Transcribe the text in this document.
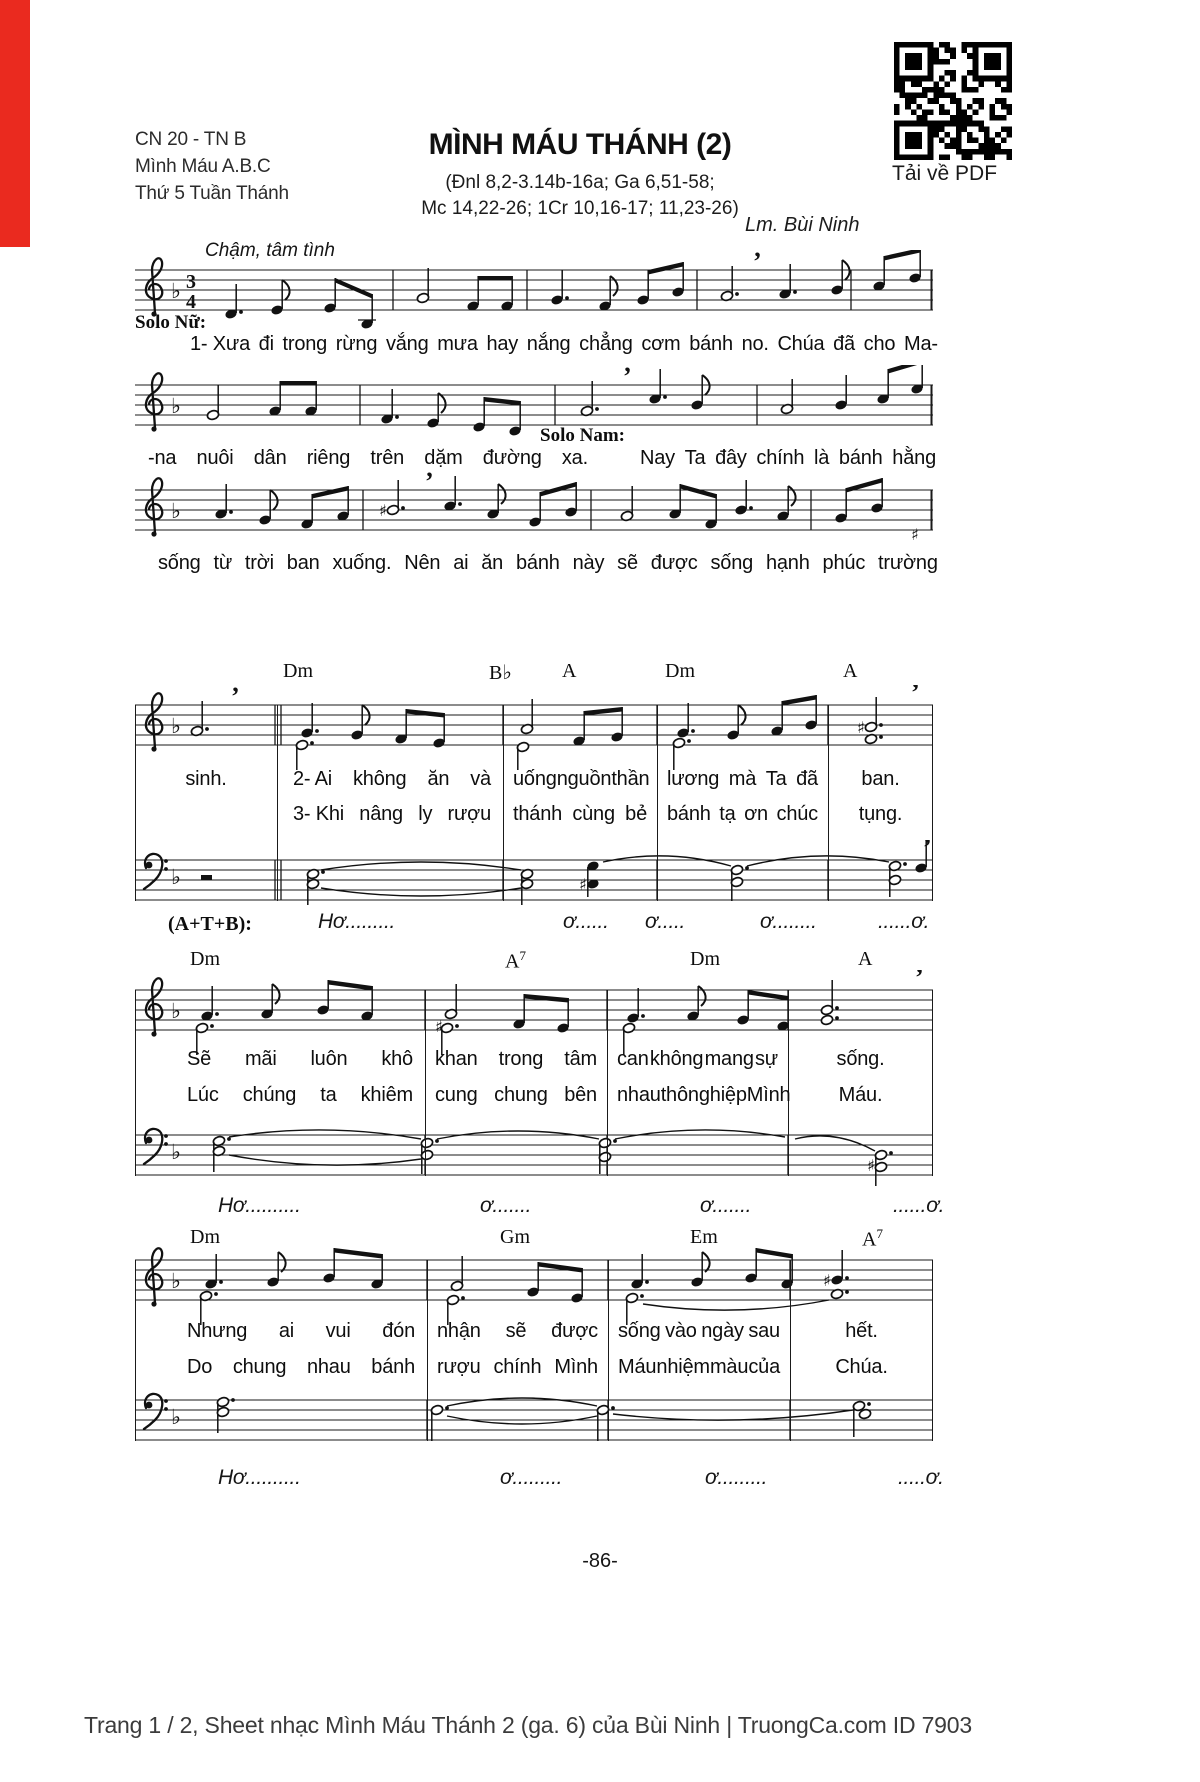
Tải về PDF
CN 20 - TN B
Mình Máu A.B.C
Thứ 5 Tuần Thánh
MÌNH MÁU THÁNH (2)
(Đnl 8,2-3.14b-16a; Ga 6,51-58;
Mc 14,22-26; 1Cr 10,16-17; 11,23-26)
Lm. Bùi Ninh
Chậm, tâm tình
♭ 3
4
’
♭
’
♭	♯
♯
’
♭	♯
’	’
♭	♯
’
♭
♯
’
♭
♯
♭	♯
♭
Solo Nữ:
Solo Nam:
(A+T+B):
1- Xưa đi trong rừng vắng mưa hay nắng chẳng cơm bánh no. Chúa đã cho Ma-
-na nuôi dân riêng trên dặm đường xa.	Nay Ta đây chính là bánh hằng
sống từ trời ban xuống. Nên ai ăn bánh này sẽ được sống hạnh phúc trường
Dm	B♭	A	Dm	A
Dm	$A^7$	Dm	A
Dm	Gm	Em	$A^7$
sinh.	2- Ai không ăn và uống nguồn thần lương mà Ta đã ban.
3- Khi nâng ly rượu thánh cùng bẻ bánh tạ ơn chúc tụng.
Sẽ mãi luôn khô khan trong tâm can không mang sự	sống.
Lúc chúng ta khiêm cung chung bên nhau thông hiệp Mình Máu.
Nhưng ai vui đón nhận sẽ được sống vào ngày sau	hết.
Do chung nhau bánh rượu chính Mình Máu nhiệm màu của	Chúa.
Hơ.........	ơ...... ơ.....	ơ........	......ơ.
Hơ..........	ơ.......	ơ.......	......ơ.
Hơ..........	ơ.........	ơ.........	.....ơ.
-86-
Trang 1 / 2, Sheet nhạc Mình Máu Thánh 2 (ga. 6) của Bùi Ninh | TruongCa.com ID 7903
